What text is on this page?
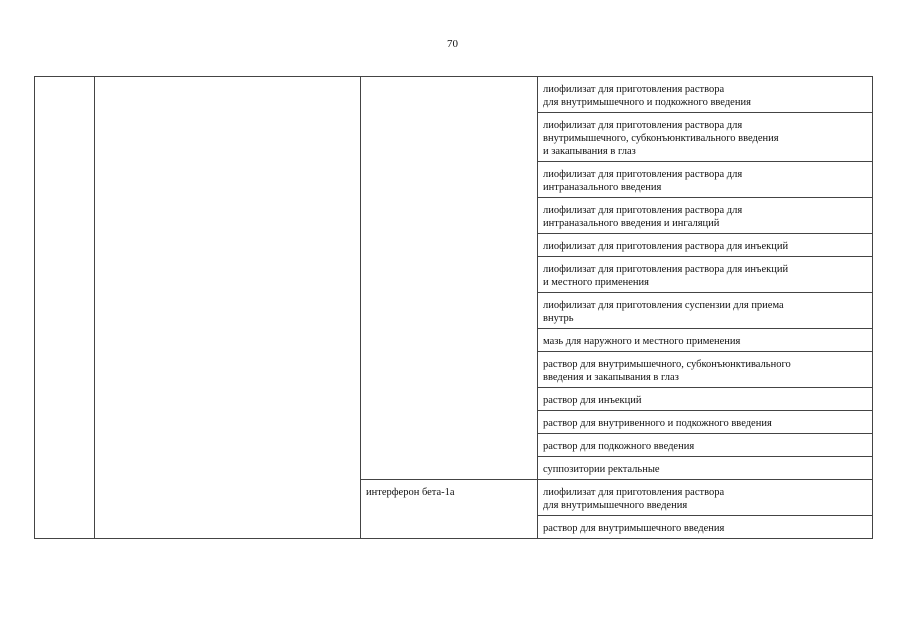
70
			лиофилизат для приготовления раствора
для внутримышечного и подкожного введения
			лиофилизат для приготовления раствора для
внутримышечного, субконъюнктивального введения
и закапывания в глаз
			лиофилизат для приготовления раствора для
интраназального введения
			лиофилизат для приготовления раствора для
интраназального введения и ингаляций
			лиофилизат для приготовления раствора для инъекций
			лиофилизат для приготовления раствора для инъекций
и местного применения
			лиофилизат для приготовления суспензии для приема
внутрь
			мазь для наружного и местного применения
			раствор для внутримышечного, субконъюнктивального
введения и закапывания в глаз
			раствор для инъекций
			раствор для внутривенного и подкожного введения
			раствор для подкожного введения
			суппозитории ректальные
		интерферон бета-1a	лиофилизат для приготовления раствора
для внутримышечного введения
			раствор для внутримышечного введения
